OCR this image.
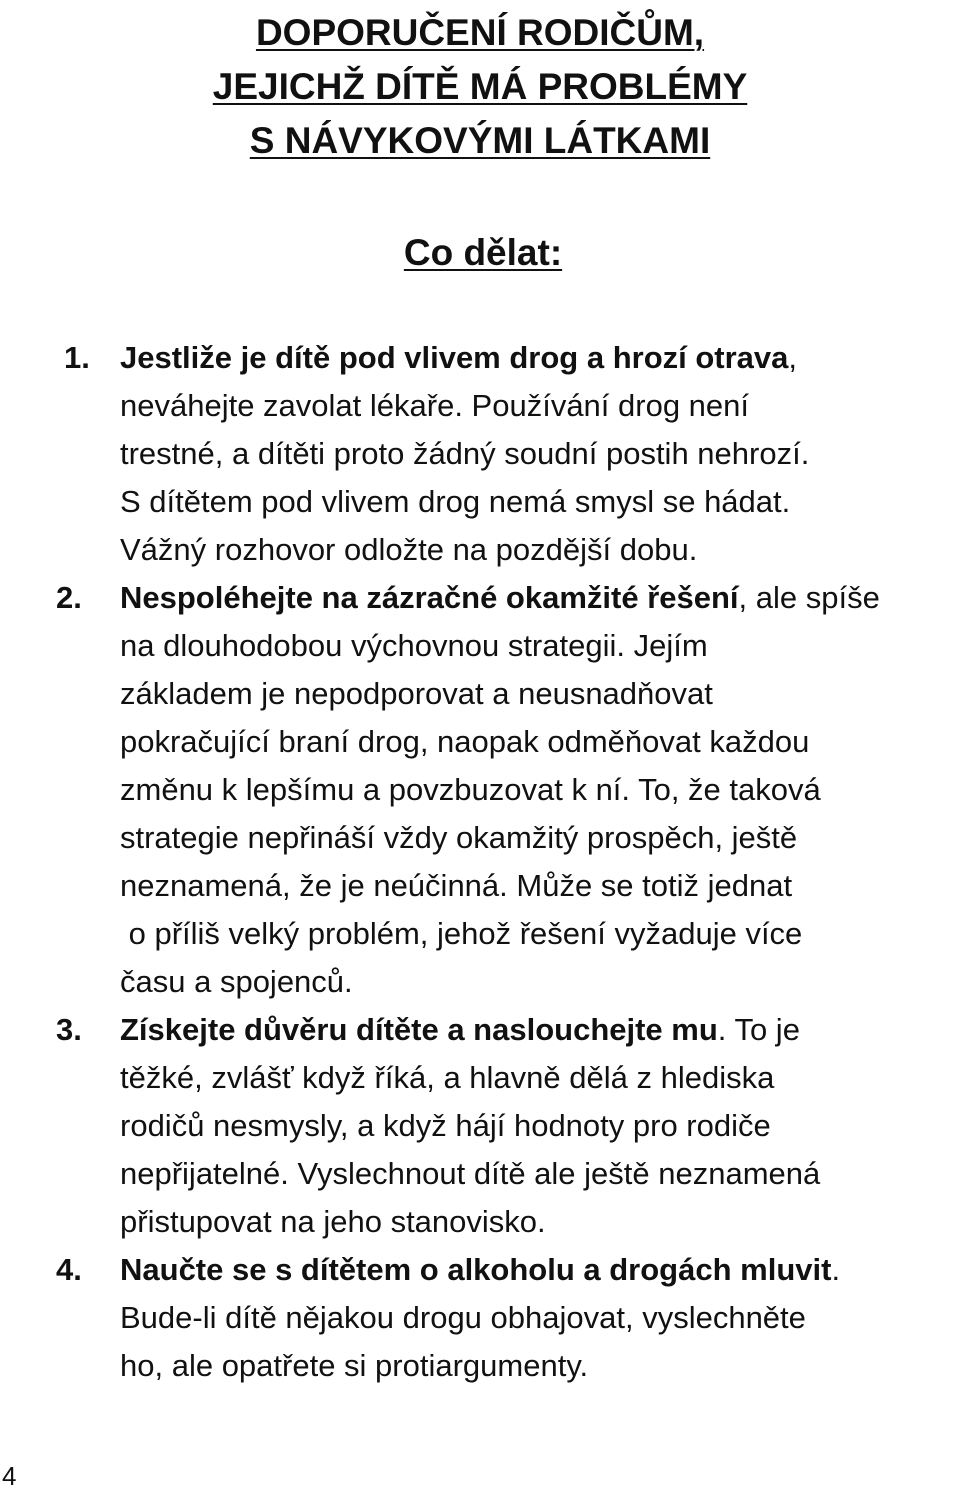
DOPORUČENÍ RODIČŮM,
JEJICHŽ DÍTĚ MÁ PROBLÉMY
S NÁVYKOVÝMI LÁTKAMI
Co dělat:
1. Jestliže je dítě pod vlivem drog a hrozí otrava,
neváhejte zavolat lékaře. Používání drog není
trestné, a dítěti proto žádný soudní postih nehrozí.
S dítětem pod vlivem drog nemá smysl se hádat.
Vážný rozhovor odložte na pozdější dobu.
2.	Nespoléhejte na zázračné okamžité řešení, ale spíše
na dlouhodobou výchovnou strategii. Jejím
základem je nepodporovat a neusnadňovat
pokračující braní drog, naopak odměňovat každou
změnu k lepšímu a povzbuzovat k ní. To, že taková
strategie nepřináší vždy okamžitý prospěch, ještě
neznamená, že je neúčinná. Může se totiž jednat
o příliš velký problém, jehož řešení vyžaduje více
času a spojenců.
3.	Získejte důvěru dítěte a naslouchejte mu. To je
těžké, zvlášť když říká, a hlavně dělá z hlediska
rodičů nesmysly, a když hájí hodnoty pro rodiče
nepřijatelné. Vyslechnout dítě ale ještě neznamená
přistupovat na jeho stanovisko.
4.	Naučte se s dítětem o alkoholu a drogách mluvit.
Bude-li dítě nějakou drogu obhajovat, vyslechněte
ho, ale opatřete si protiargumenty.
4
